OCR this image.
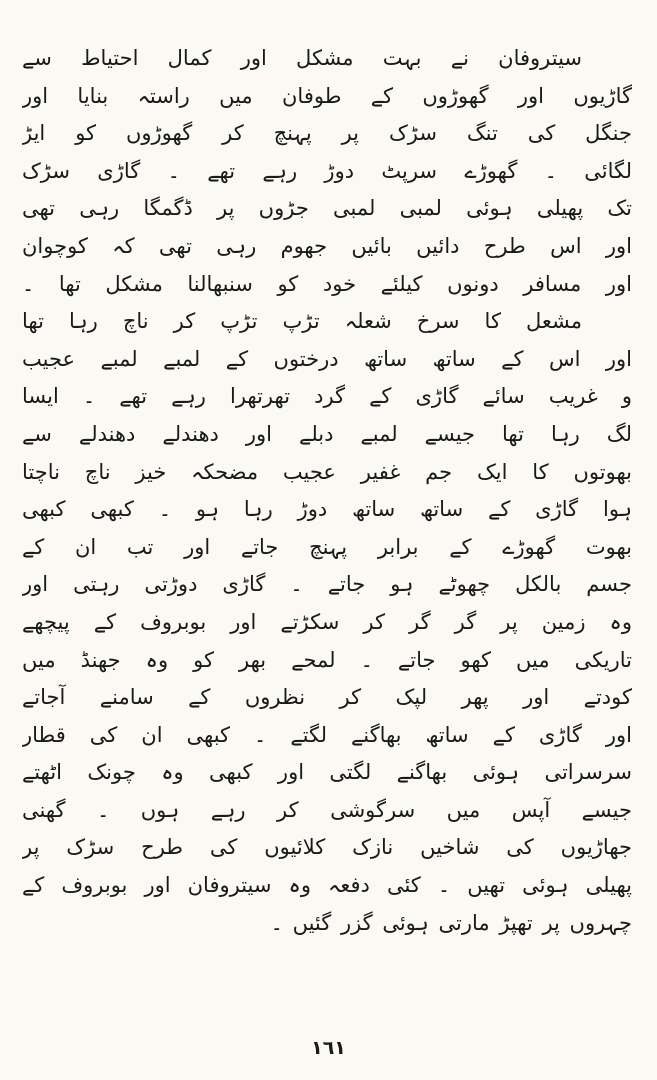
سیتروفان نے بہت مشکل اور کمال احتیاط سے
گاڑیوں اور گھوڑوں کے طوفان میں راستہ بنایا اور
جنگل کی تنگ سڑک پر پہنچ کر گھوڑوں کو ایڑ
لگائی ۔ گھوڑے سرپٹ دوڑ رہے تھے ۔ گاڑی سڑک
تک پھیلی ہوئی لمبی لمبی جڑوں پر ڈگمگا رہی تھی
اور اس طرح دائیں بائیں جھوم رہی تھی کہ کوچوان
اور مسافر دونوں کیلئے خود کو سنبھالنا مشکل تھا ۔
مشعل کا سرخ شعلہ تڑپ تڑپ کر ناچ رہا تھا
اور اس کے ساتھ ساتھ درختوں کے لمبے لمبے عجیب
و غریب سائے گاڑی کے گرد تھرتھرا رہے تھے ۔ ایسا
لگ رہا تھا جیسے لمبے دبلے اور دھندلے دھندلے سے
بھوتوں کا ایک جم غفیر عجیب مضحکہ خیز ناچ ناچتا
ہوا گاڑی کے ساتھ ساتھ دوڑ رہا ہو ۔ کبھی کبھی
بھوت گھوڑے کے برابر پہنچ جاتے اور تب ان کے
جسم بالکل چھوٹے ہو جاتے ۔ گاڑی دوڑتی رہتی اور
وہ زمین پر گر گر کر سکڑتے اور بوبروف کے پیچھے
تاریکی میں کھو جاتے ۔ لمحے بھر کو وہ جھنڈ میں
کودتے اور پھر لپک کر نظروں کے سامنے آجاتے
اور گاڑی کے ساتھ بھاگنے لگتے ۔ کبھی ان کی قطار
سرسراتی ہوئی بھاگنے لگتی اور کبھی وہ چونک اٹھتے
جیسے آپس میں سرگوشی کر رہے ہوں ۔ گھنی
جھاڑیوں کی شاخیں نازک کلائیوں کی طرح سڑک پر
پھیلی ہوئی تھیں ۔ کئی دفعہ وہ سیتروفان اور بوبروف کے
چہروں پر تھپڑ مارتی ہوئی گزر گئیں ۔
۱٦۱
